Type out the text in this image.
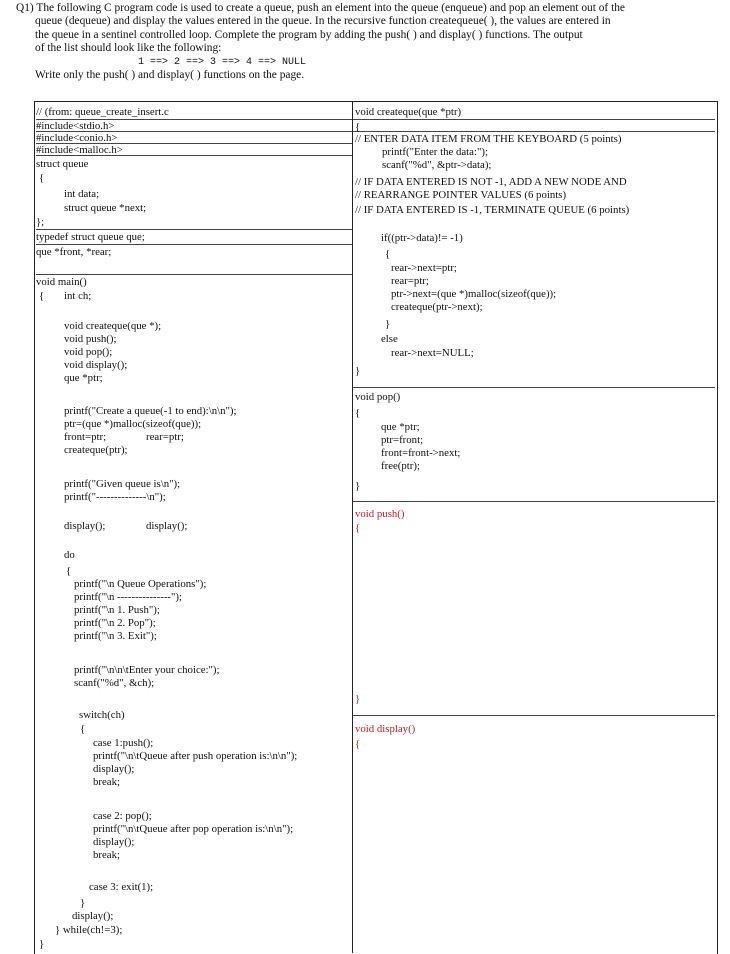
Q1) The following C program code is used to create a queue, push an element into the queue (enqueue) and pop an element out of the
queue (dequeue) and display the values entered in the queue. In the recursive function createqueue( ), the values are entered in
the queue in a sentinel controlled loop. Complete the program by adding the push( ) and display( ) functions. The output
of the list should look like the following:
1 ==> 2 ==> 3 ==> 4 ==> NULL
Write only the push( ) and display( ) functions on the page.
// (from: queue_create_insert.c
#include<stdio.h>
#include<conio.h>
#include<malloc.h>
struct queue
{
int data;
struct queue *next;
};
typedef struct queue que;
que *front, *rear;
void main()
{ int ch;
void createque(que *);
void push();
void pop();
void display();
que *ptr;
printf("Create a queue(-1 to end):\n\n");
ptr=(que *)malloc(sizeof(que));
front=ptr;	rear=ptr;
createque(ptr);
printf("Given queue is\n");
printf("--------------\n");
display();	display();
do
{
printf("\n Queue Operations");
printf("\n ---------------");
printf("\n 1. Push");
printf("\n 2. Pop");
printf("\n 3. Exit");
printf("\n\n\tEnter your choice:");
scanf("%d", &ch);
switch(ch)
{
case 1:push();
printf("\n\tQueue after push operation is:\n\n");
display();
break;
case 2: pop();
printf("\n\tQueue after pop operation is:\n\n");
display();
break;
case 3: exit(1);
}
display();
} while(ch!=3);
}
void createque(que *ptr)
{
// ENTER DATA ITEM FROM THE KEYBOARD (5 points)
printf("Enter the data:");
scanf("%d", &ptr->data);
// IF DATA ENTERED IS NOT -1, ADD A NEW NODE AND
// REARRANGE POINTER VALUES (6 points)
// IF DATA ENTERED IS -1, TERMINATE QUEUE (6 points)
if((ptr->data)!= -1)
{
rear->next=ptr;
rear=ptr;
ptr->next=(que *)malloc(sizeof(que));
createque(ptr->next);
}
else
rear->next=NULL;
}
void pop()
{
que *ptr;
ptr=front;
front=front->next;
free(ptr);
}
void push()
{
}
void display()
{
